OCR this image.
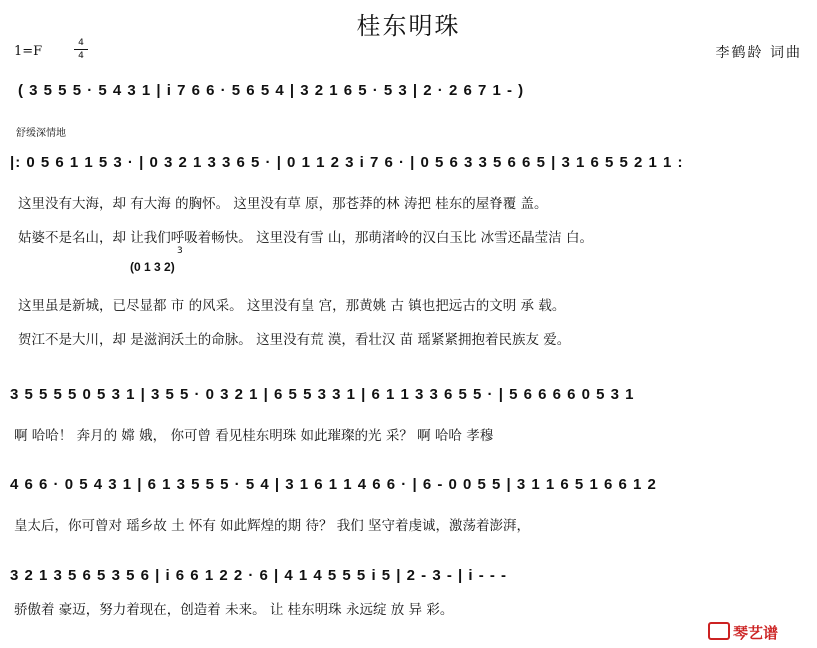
桂东明珠
1=F
4
4	李鹤龄 词曲
( 3 5 5 5 · 5 4 3 1 | i 7 6 6 · 5 6 5 4 | 3 2 1 6 5 · 5 3 | 2 · 2 6 7 1 - )
舒缓深情地
|: 0 5 6 1 1 5 3 · | 0 3 2 1 3 3 6 5 · | 0 1 1 2 3 i 7 6 · | 0 5 6 3 3 5 6 6 5 | 3 1 6 5 5 2 1 1 :
这里没有大海，却 有大海 的胸怀。 这里没有草 原，那苍莽的林 涛把 桂东的屋脊覆 盖。
姑婆不是名山，却 让我们呼吸着畅快。 这里没有雪 山，那萌渚岭的汉白玉比 冰雪还晶莹洁 白。
3
(0 1 3 2)
这里虽是新城，已尽显都 市 的风采。 这里没有皇 宫，那黄姚 古 镇也把远古的文明 承 载。
贺江不是大川，却 是滋润沃土的命脉。 这里没有荒 漠，看壮汉 苗 瑶紧紧拥抱着民族友 爱。
3 5 5 5 5 0 5 3 1 | 3 5 5 · 0 3 2 1 | 6 5 5 3 3 1 | 6 1 1 3 3 6 5 5 · | 5 6 6 6 6 0 5 3 1
啊 哈哈！ 奔月的 嫦 娥， 你可曾 看见桂东明珠 如此璀璨的光 采？ 啊 哈哈 孝穆
4 6 6 · 0 5 4 3 1 | 6 1 3 5 5 5 · 5 4 | 3 1 6 1 1 4 6 6 · | 6 - 0 0 5 5 | 3 1 1 6 5 1 6 6 1 2
皇太后，你可曾对 瑶乡故 土 怀有 如此辉煌的期 待？ 我们 坚守着虔诚，激荡着澎湃，
3 2 1 3 5 6 5 3 5 6 | i 6 6 1 2 2 · 6 | 4 1 4 5 5 5 i 5 | 2 - 3 - | i - - -
骄傲着 豪迈，努力着现在，创造着 未来。 让 桂东明珠 永远绽 放 异 彩。
琴艺谱
